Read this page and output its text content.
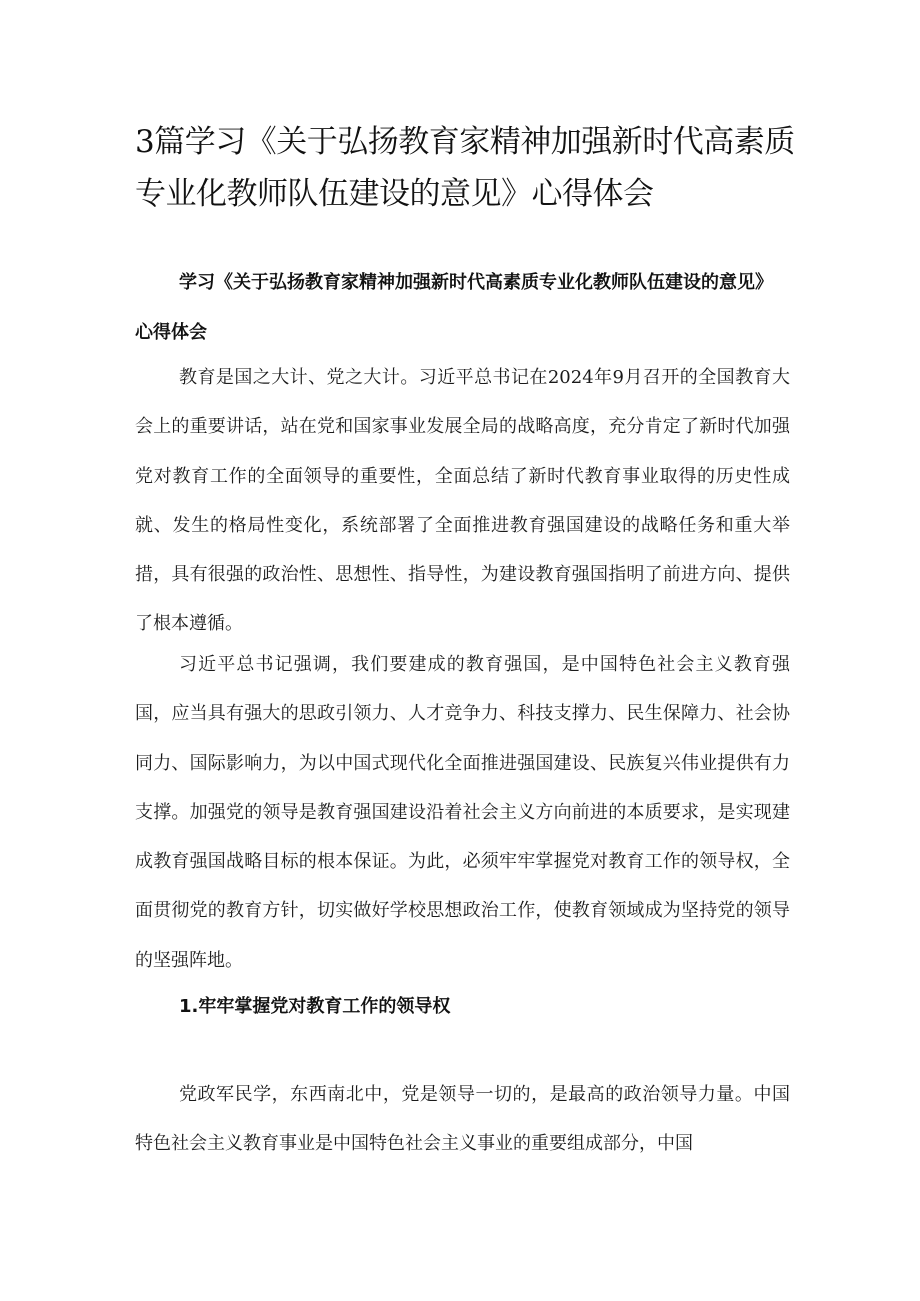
3篇学习《关于弘扬教育家精神加强新时代高素质专业化教师队伍建设的意见》心得体会

学习《关于弘扬教育家精神加强新时代高素质专业化教师队伍建设的意见》心得体会

教育是国之大计、党之大计。习近平总书记在2024年9月召开的全国教育大会上的重要讲话，站在党和国家事业发展全局的战略高度，充分肯定了新时代加强党对教育工作的全面领导的重要性，全面总结了新时代教育事业取得的历史性成就、发生的格局性变化，系统部署了全面推进教育强国建设的战略任务和重大举措，具有很强的政治性、思想性、指导性，为建设教育强国指明了前进方向、提供了根本遵循。

习近平总书记强调，我们要建成的教育强国，是中国特色社会主义教育强国，应当具有强大的思政引领力、人才竞争力、科技支撑力、民生保障力、社会协同力、国际影响力，为以中国式现代化全面推进强国建设、民族复兴伟业提供有力支撑。加强党的领导是教育强国建设沿着社会主义方向前进的本质要求，是实现建成教育强国战略目标的根本保证。为此，必须牢牢掌握党对教育工作的领导权，全面贯彻党的教育方针，切实做好学校思想政治工作，使教育领域成为坚持党的领导的坚强阵地。

1.牢牢掌握党对教育工作的领导权

党政军民学，东西南北中，党是领导一切的，是最高的政治领导力量。中国特色社会主义教育事业是中国特色社会主义事业的重要组成部分，中国
